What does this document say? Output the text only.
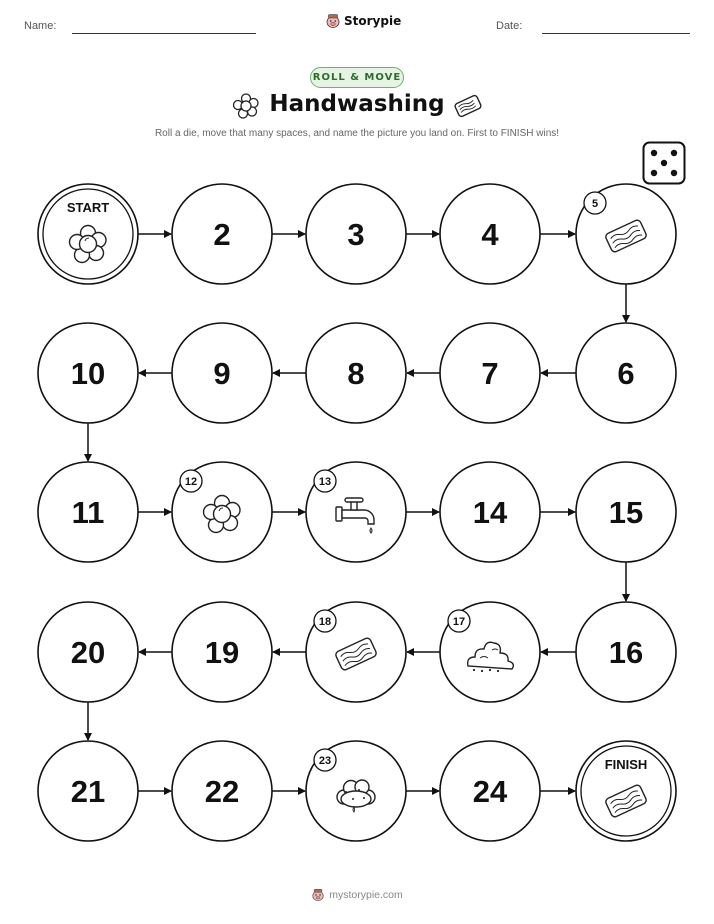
Name:	Storypie	Date:
ROLL & MOVE
Handwashing
Roll a die, move that many spaces, and name the picture you land on. First to FINISH wins!
START
2	3	4
5
6
7
8
9
10
11
12	13
14	15
16
17
18
19
20
21	22
23
24
FINISH
mystorypie.com
